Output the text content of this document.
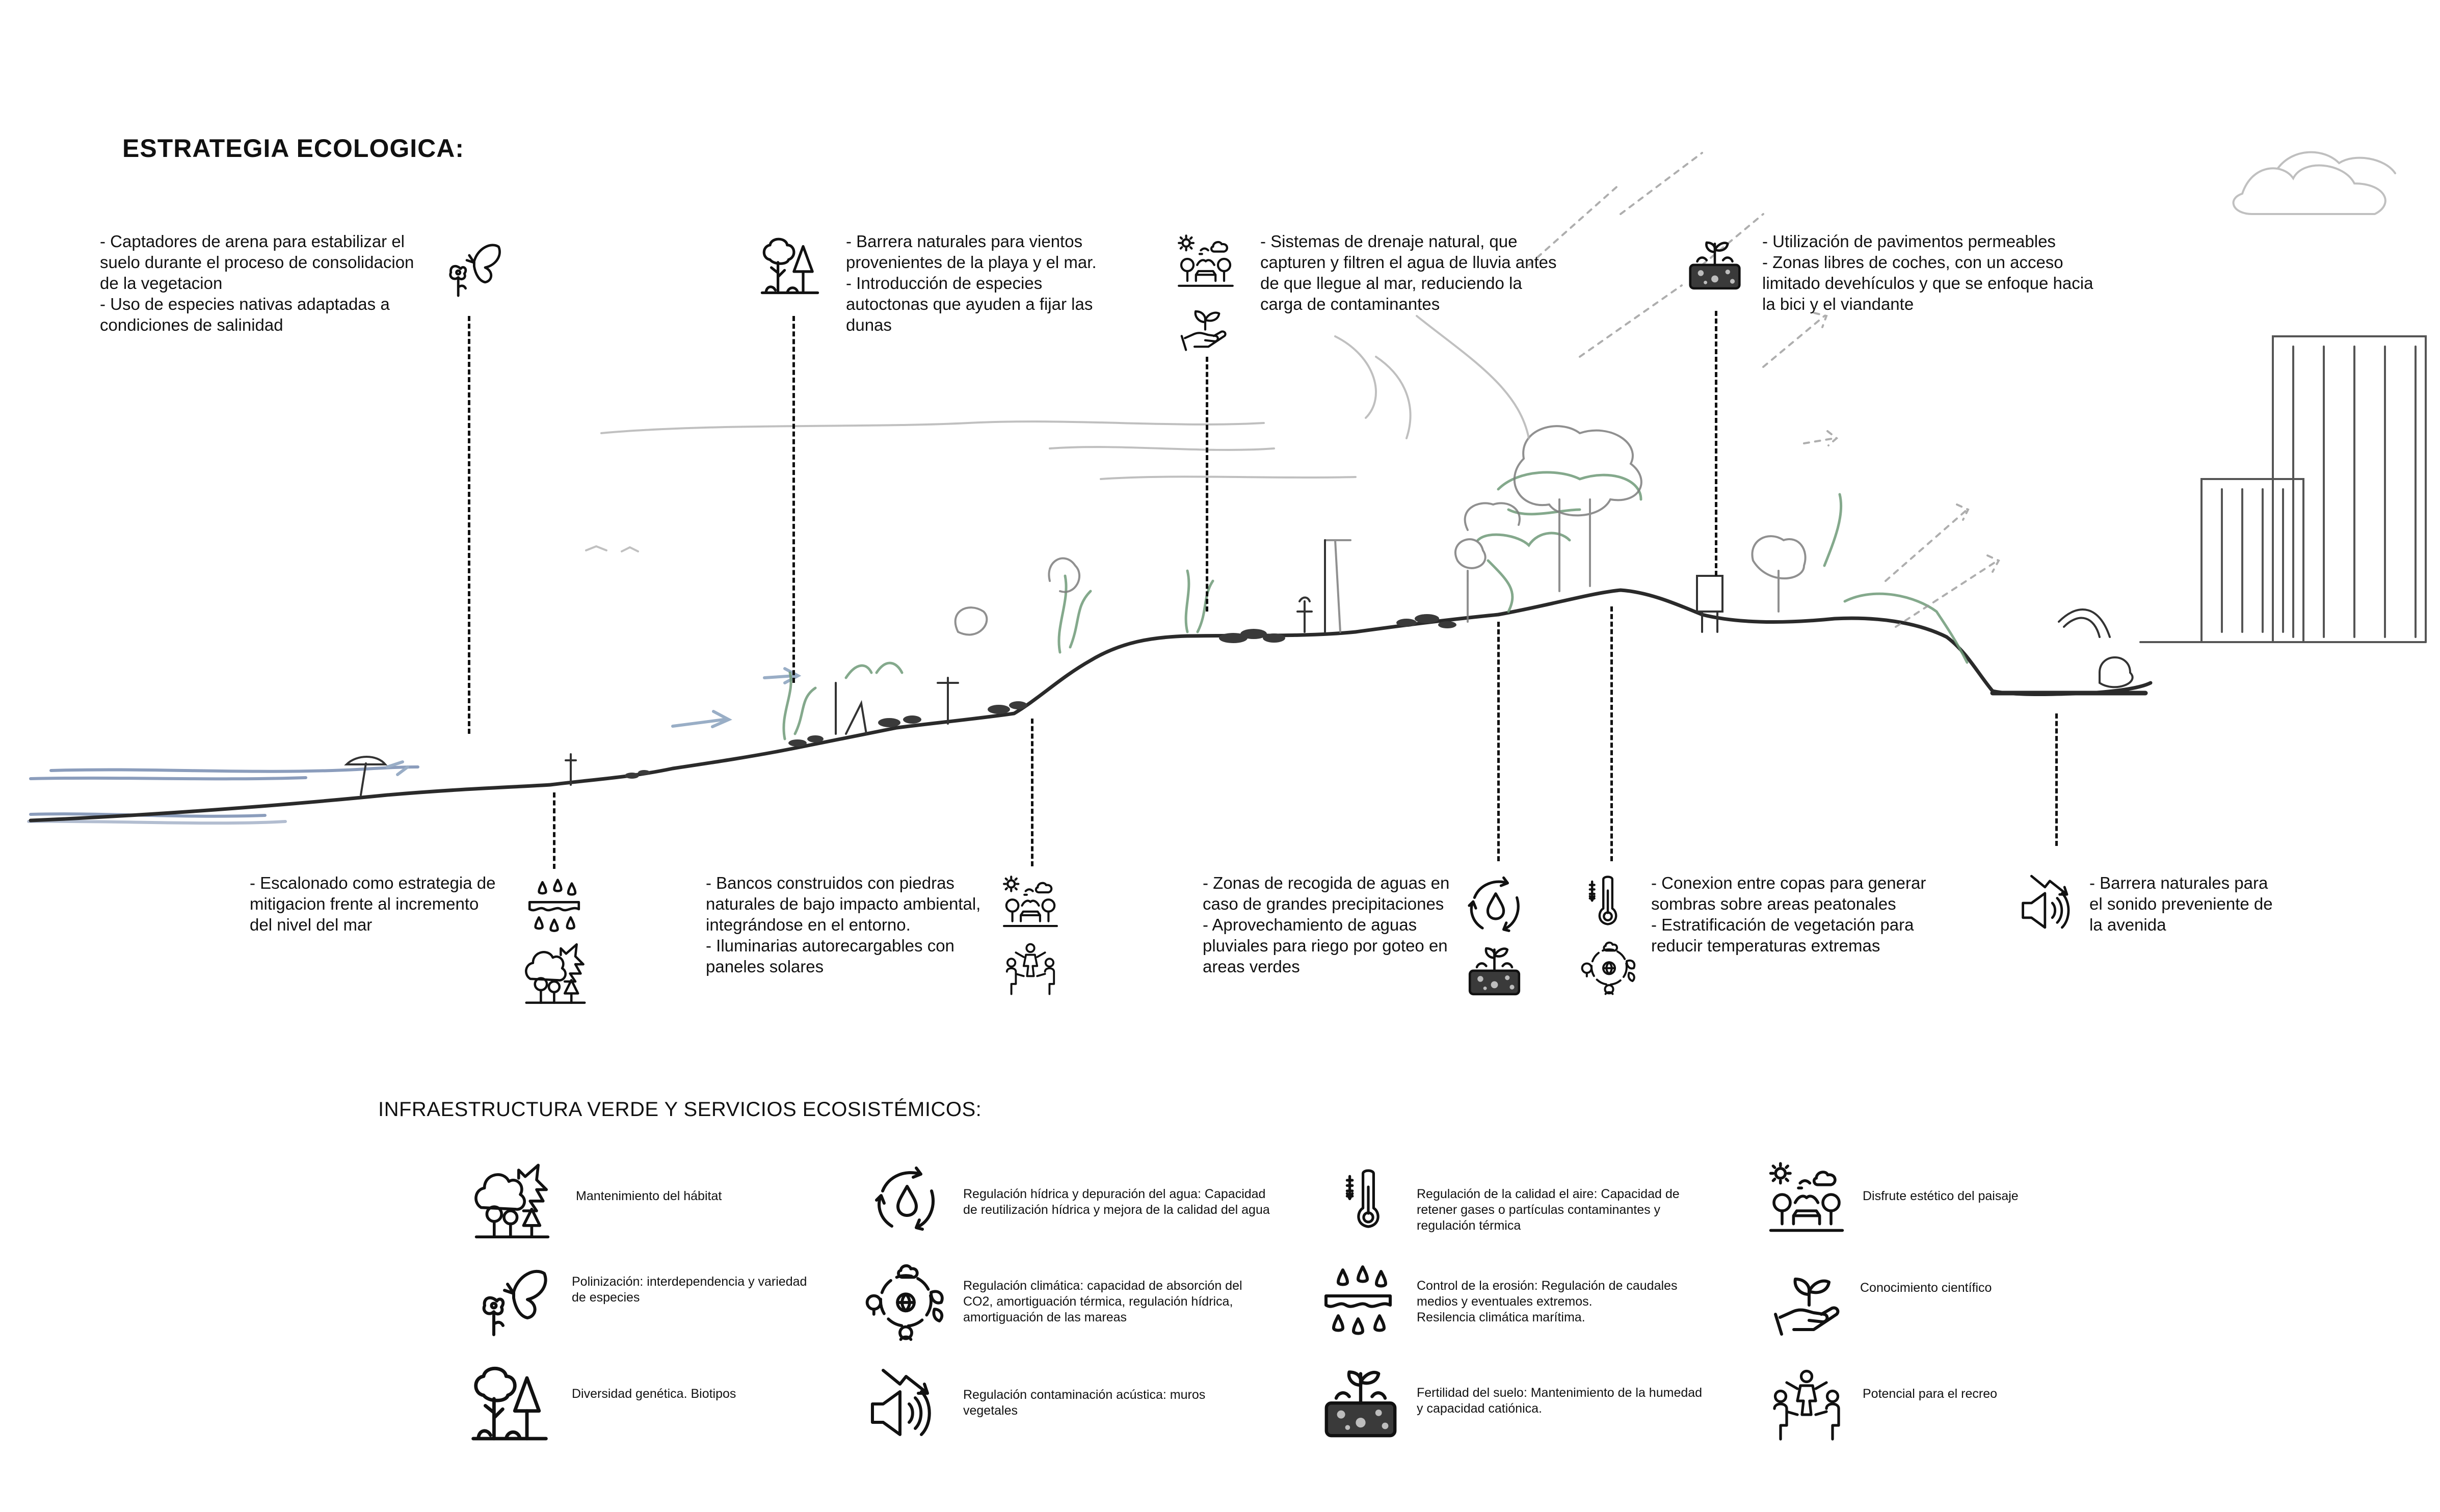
ESTRATEGIA ECOLOGICA:
- Captadores de arena para estabilizar el
suelo durante el proceso de consolidacion
de la vegetacion
- Uso de especies nativas adaptadas a
condiciones de salinidad
- Barrera naturales para vientos
provenientes de la playa y el mar.
- Introducción de especies
autoctonas que ayuden a fijar las
dunas
- Sistemas de drenaje natural, que
capturen y filtren el agua de lluvia antes
de que llegue al mar, reduciendo la
carga de contaminantes
- Utilización de pavimentos permeables
- Zonas libres de coches, con un acceso
limitado devehículos y que se enfoque hacia
la bici y el viandante
- Escalonado como estrategia de
mitigacion frente al incremento
del nivel del mar
- Bancos construidos con piedras
naturales de bajo impacto ambiental,
integrándose en el entorno.
- Iluminarias autorecargables con
paneles solares
- Zonas de recogida de aguas en
caso de grandes precipitaciones
- Aprovechamiento de aguas
pluviales para riego por goteo en
areas verdes
- Conexion entre copas para generar
sombras sobre areas peatonales
- Estratificación de vegetación para
reducir temperaturas extremas
- Barrera naturales para
el sonido preveniente de
la avenida
INFRAESTRUCTURA VERDE Y SERVICIOS ECOSISTÉMICOS:
Mantenimiento del hábitat
Polinización: interdependencia y variedad
de especies
Diversidad genética. Biotipos
Regulación hídrica y depuración del agua: Capacidad
de reutilización hídrica y mejora de la calidad del agua
Regulación climática: capacidad de absorción del
CO2, amortiguación térmica, regulación hídrica,
amortiguación de las mareas
Regulación contaminación acústica: muros
vegetales
Regulación de la calidad el aire: Capacidad de
retener gases o partículas contaminantes y
regulación térmica
Control de la erosión: Regulación de caudales
medios y eventuales extremos.
Resilencia climática marítima.
Fertilidad del suelo: Mantenimiento de la humedad
y capacidad catiónica.
Disfrute estético del paisaje
Conocimiento científico
Potencial para el recreo
